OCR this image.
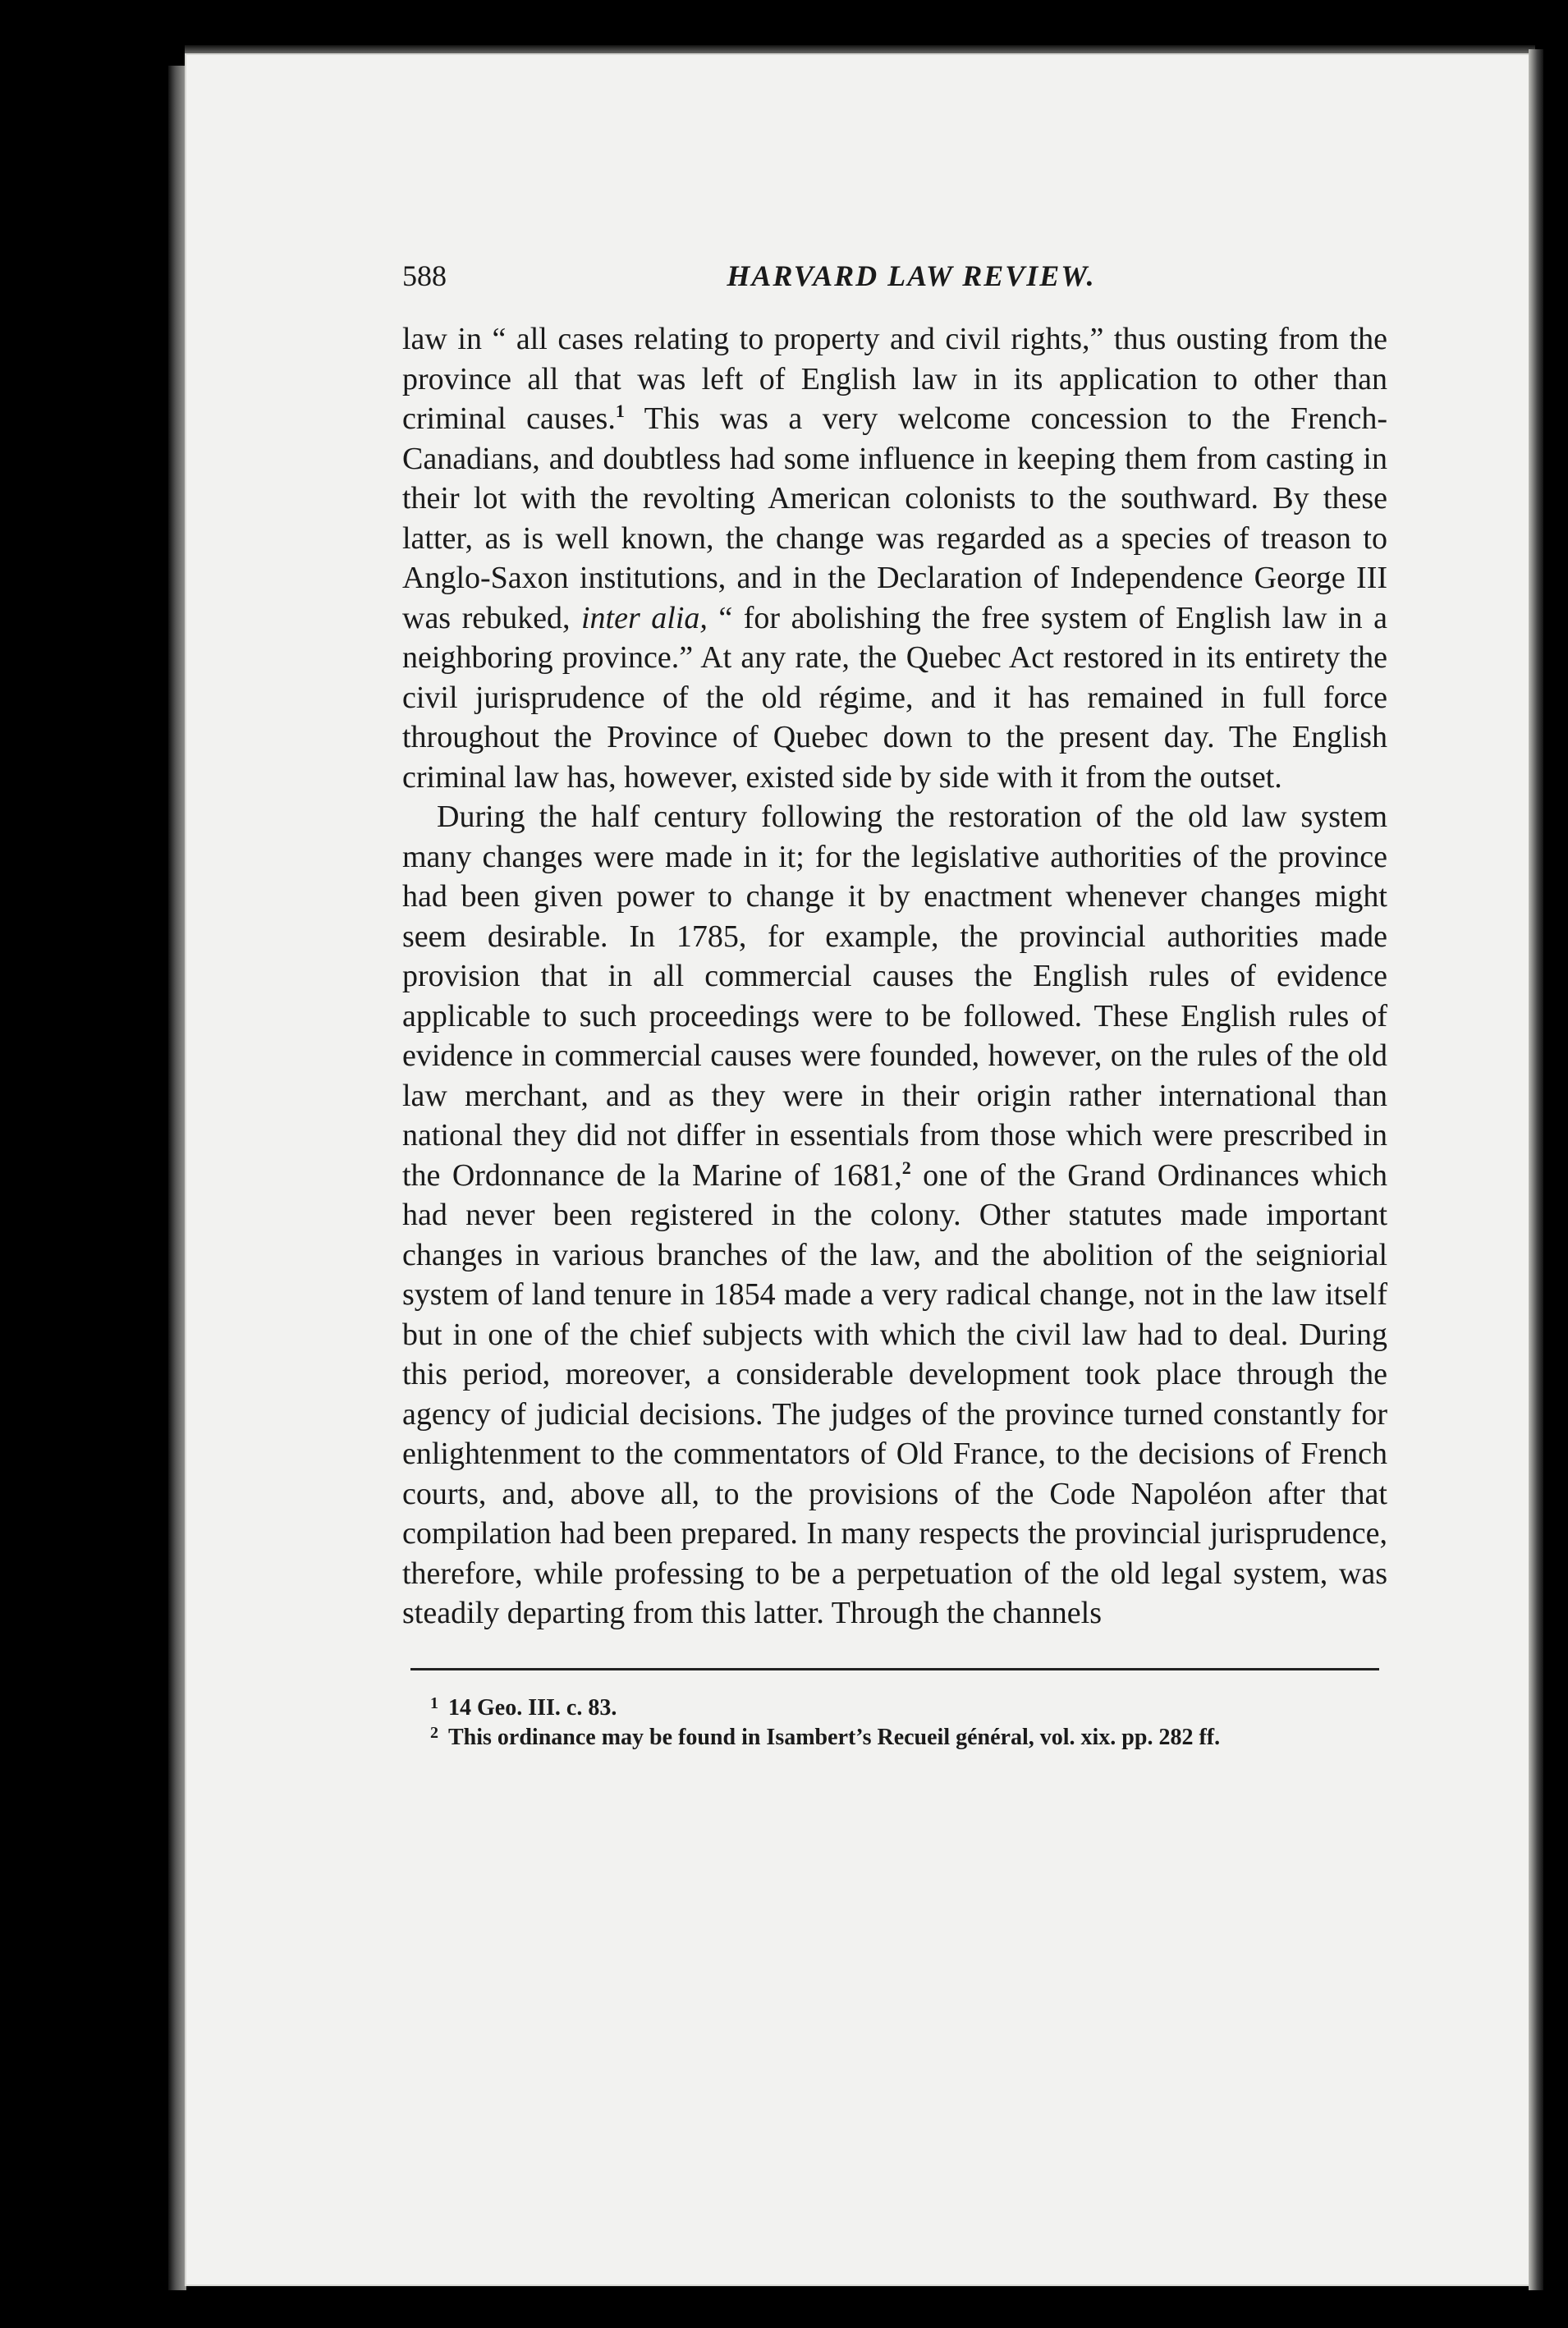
588	HARVARD LAW REVIEW.

law in “ all cases relating to property and civil rights,” thus ousting from the province all that was left of English law in its application to other than criminal causes.$^1$ This was a very welcome concession to the French-Canadians, and doubtless had some influence in keeping them from casting in their lot with the revolting American colonists to the southward. By these latter, as is well known, the change was regarded as a species of treason to Anglo-Saxon institutions, and in the Declaration of Independence George III was rebuked, inter alia, “ for abolishing the free system of English law in a neighboring province.” At any rate, the Quebec Act restored in its entirety the civil jurisprudence of the old régime, and it has remained in full force throughout the Province of Quebec down to the present day. The English criminal law has, however, existed side by side with it from the outset.

During the half century following the restoration of the old law system many changes were made in it; for the legislative authorities of the province had been given power to change it by enactment whenever changes might seem desirable. In 1785, for example, the provincial authorities made provision that in all commercial causes the English rules of evidence applicable to such proceedings were to be followed. These English rules of evidence in commercial causes were founded, however, on the rules of the old law merchant, and as they were in their origin rather international than national they did not differ in essentials from those which were prescribed in the Ordonnance de la Marine of 1681,$^2$ one of the Grand Ordinances which had never been registered in the colony. Other statutes made important changes in various branches of the law, and the abolition of the seigniorial system of land tenure in 1854 made a very radical change, not in the law itself but in one of the chief subjects with which the civil law had to deal. During this period, moreover, a considerable development took place through the agency of judicial decisions. The judges of the province turned constantly for enlightenment to the commentators of Old France, to the decisions of French courts, and, above all, to the provisions of the Code Napoléon after that compilation had been prepared. In many respects the provincial jurisprudence, therefore, while professing to be a perpetuation of the old legal system, was steadily departing from this latter. Through the channels

1 14 Geo. III. c. 83.
2 This ordinance may be found in Isambert’s Recueil général, vol. xix. pp. 282 ff.
